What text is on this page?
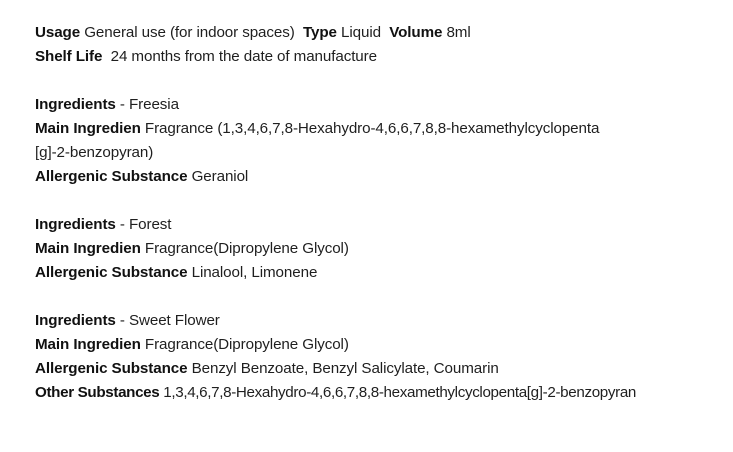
Usage General use (for indoor spaces) Type Liquid Volume 8ml
Shelf Life 24 months from the date of manufacture
Ingredients - Freesia
Main Ingredien Fragrance (1,3,4,6,7,8-Hexahydro-4,6,6,7,8,8-hexamethylcyclopenta
[g]-2-benzopyran)
Allergenic Substance Geraniol
Ingredients - Forest
Main Ingredien Fragrance(Dipropylene Glycol)
Allergenic Substance Linalool, Limonene
Ingredients - Sweet Flower
Main Ingredien Fragrance(Dipropylene Glycol)
Allergenic Substance Benzyl Benzoate, Benzyl Salicylate, Coumarin
Other Substances 1,3,4,6,7,8-Hexahydro-4,6,6,7,8,8-hexamethylcyclopenta[g]-2-benzopyran
